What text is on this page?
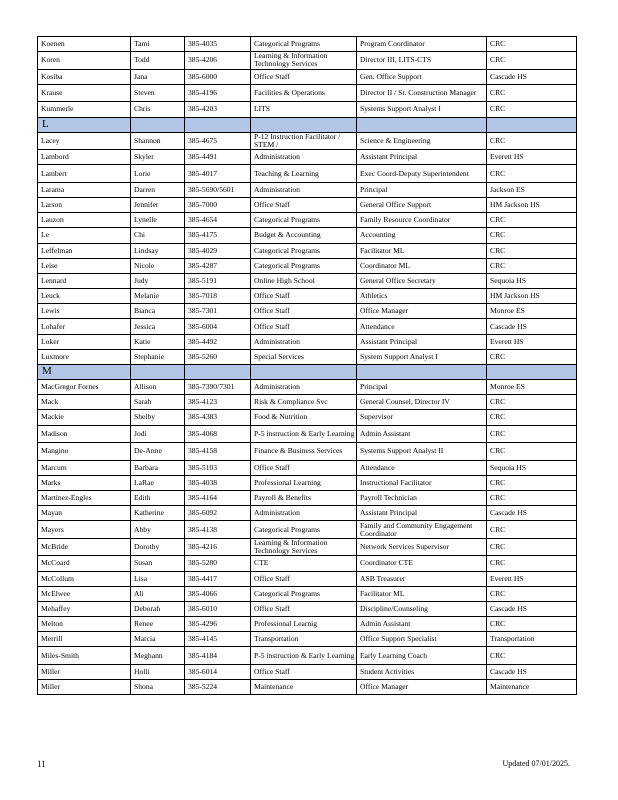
Koenen	Tami	385-4035	Categorical Programs	Program Coordinator	CRC
Koren	Todd	385-4206	Learning & Information Technology Services	Director III, LITS-CTS	CRC
Kosiba	Jana	385-6000	Office Staff	Gen. Office Support	Cascade HS
Krause	Steven	385-4196	Facilities & Operations	Director II / Sr. Construction Manager	CRC
Kummerle	Chris	385-4203	LITS	Systems Support Analyst I	CRC
L					
Lacey	Shannon	385-4675	P-12 Instruction Facilitator / STEM /	Science & Engineering	CRC
Lambord	Skyler	385-4491	Administration	Assistant Principal	Everett HS
Lambert	Lorie	385-4017	Teaching & Learning	Exec Coord-Deputy Superintendent	CRC
Larama	Darren	385-5690/5601	Administration	Principal	Jackson ES
Larson	Jennifer	385-7000	Office Staff	General Office Support	HM Jackson HS
Lauzon	Lynelle	385-4654	Categorical Programs	Family Resource Coordinator	CRC
Le	Chi	385-4175	Budget & Accounting	Accounting	CRC
Leffelman	Lindsay	385-4029	Categorical Programs	Facilitator ML	CRC
Leise	Nicole	385-4287	Categorical Programs	Coordinator ML	CRC
Lennard	Judy	385-5191	Online High School	General Office Secretary	Sequoia HS
Leuck	Melanie	385-7018	Office Staff	Athletics	HM Jackson HS
Lewis	Bianca	385-7301	Office Staff	Office Manager	Monroe ES
Lohafer	Jessica	385-6004	Office Staff	Attendance	Cascade HS
Loker	Katie	385-4492	Administration	Assistant Principal	Everett HS
Luxmore	Stephanie	385-5260	Special Services	System Support Analyst I	CRC
M					
MacGregor Fornes	Allison	385-7390/7301	Administration	Principal	Monroe ES
Mack	Sarah	385-4123	Risk & Compliance Svc	General Counsel, Director IV	CRC
Mackie	Shelby	385-4383	Food & Nutrition	Supervisor	CRC
Madison	Jodi	385-4068	P-5 instruction & Early Learning	Admin Assistant	CRC
Mangino	De-Anne	385-4158	Finance & Business Services	Systems Support Analyst II	CRC
Marcum	Barbara	385-5103	Office Staff	Attendance	Sequoia HS
Marks	LaRae	385-4038	Professional Learning	Instructional Facilitator	CRC
Martinez-Engles	Edith	385-4164	Payroll & Benefits	Payroll Technician	CRC
Mayan	Katherine	385-6092	Administration	Assistant Principal	Cascade HS
Mayers	Abby	385-4138	Categorical Programs	Family and Community Engagement Coordinator	CRC
McBride	Dorothy	385-4216	Learning & Information Technology Services	Network Services Supervisor	CRC
McCoard	Susan	385-5280	CTE	Coordinator CTE	CRC
McCollum	Lisa	385-4417	Office Staff	ASB Treasurer	Everett HS
McElwee	Ali	385-4066	Categorical Programs	Facilitator ML	CRC
Mehaffey	Deborah	385-6010	Office Staff	Discipline/Counseling	Cascade HS
Melton	Renee	385-4296	Professional Learnig	Admin Assistant	CRC
Merrill	Marcia	385-4145	Transportation	Office Support Specialist	Transportation
Miles-Smith	Meghann	385-4184	P-5 instruction & Early Learning	Early Learning Coach	CRC
Miller	Holli	385-6014	Office Staff	Student Activities	Cascade HS
Miller	Shona	385-5224	Maintenance	Office Manager	Maintenance
11	Updated 07/01/2025.
